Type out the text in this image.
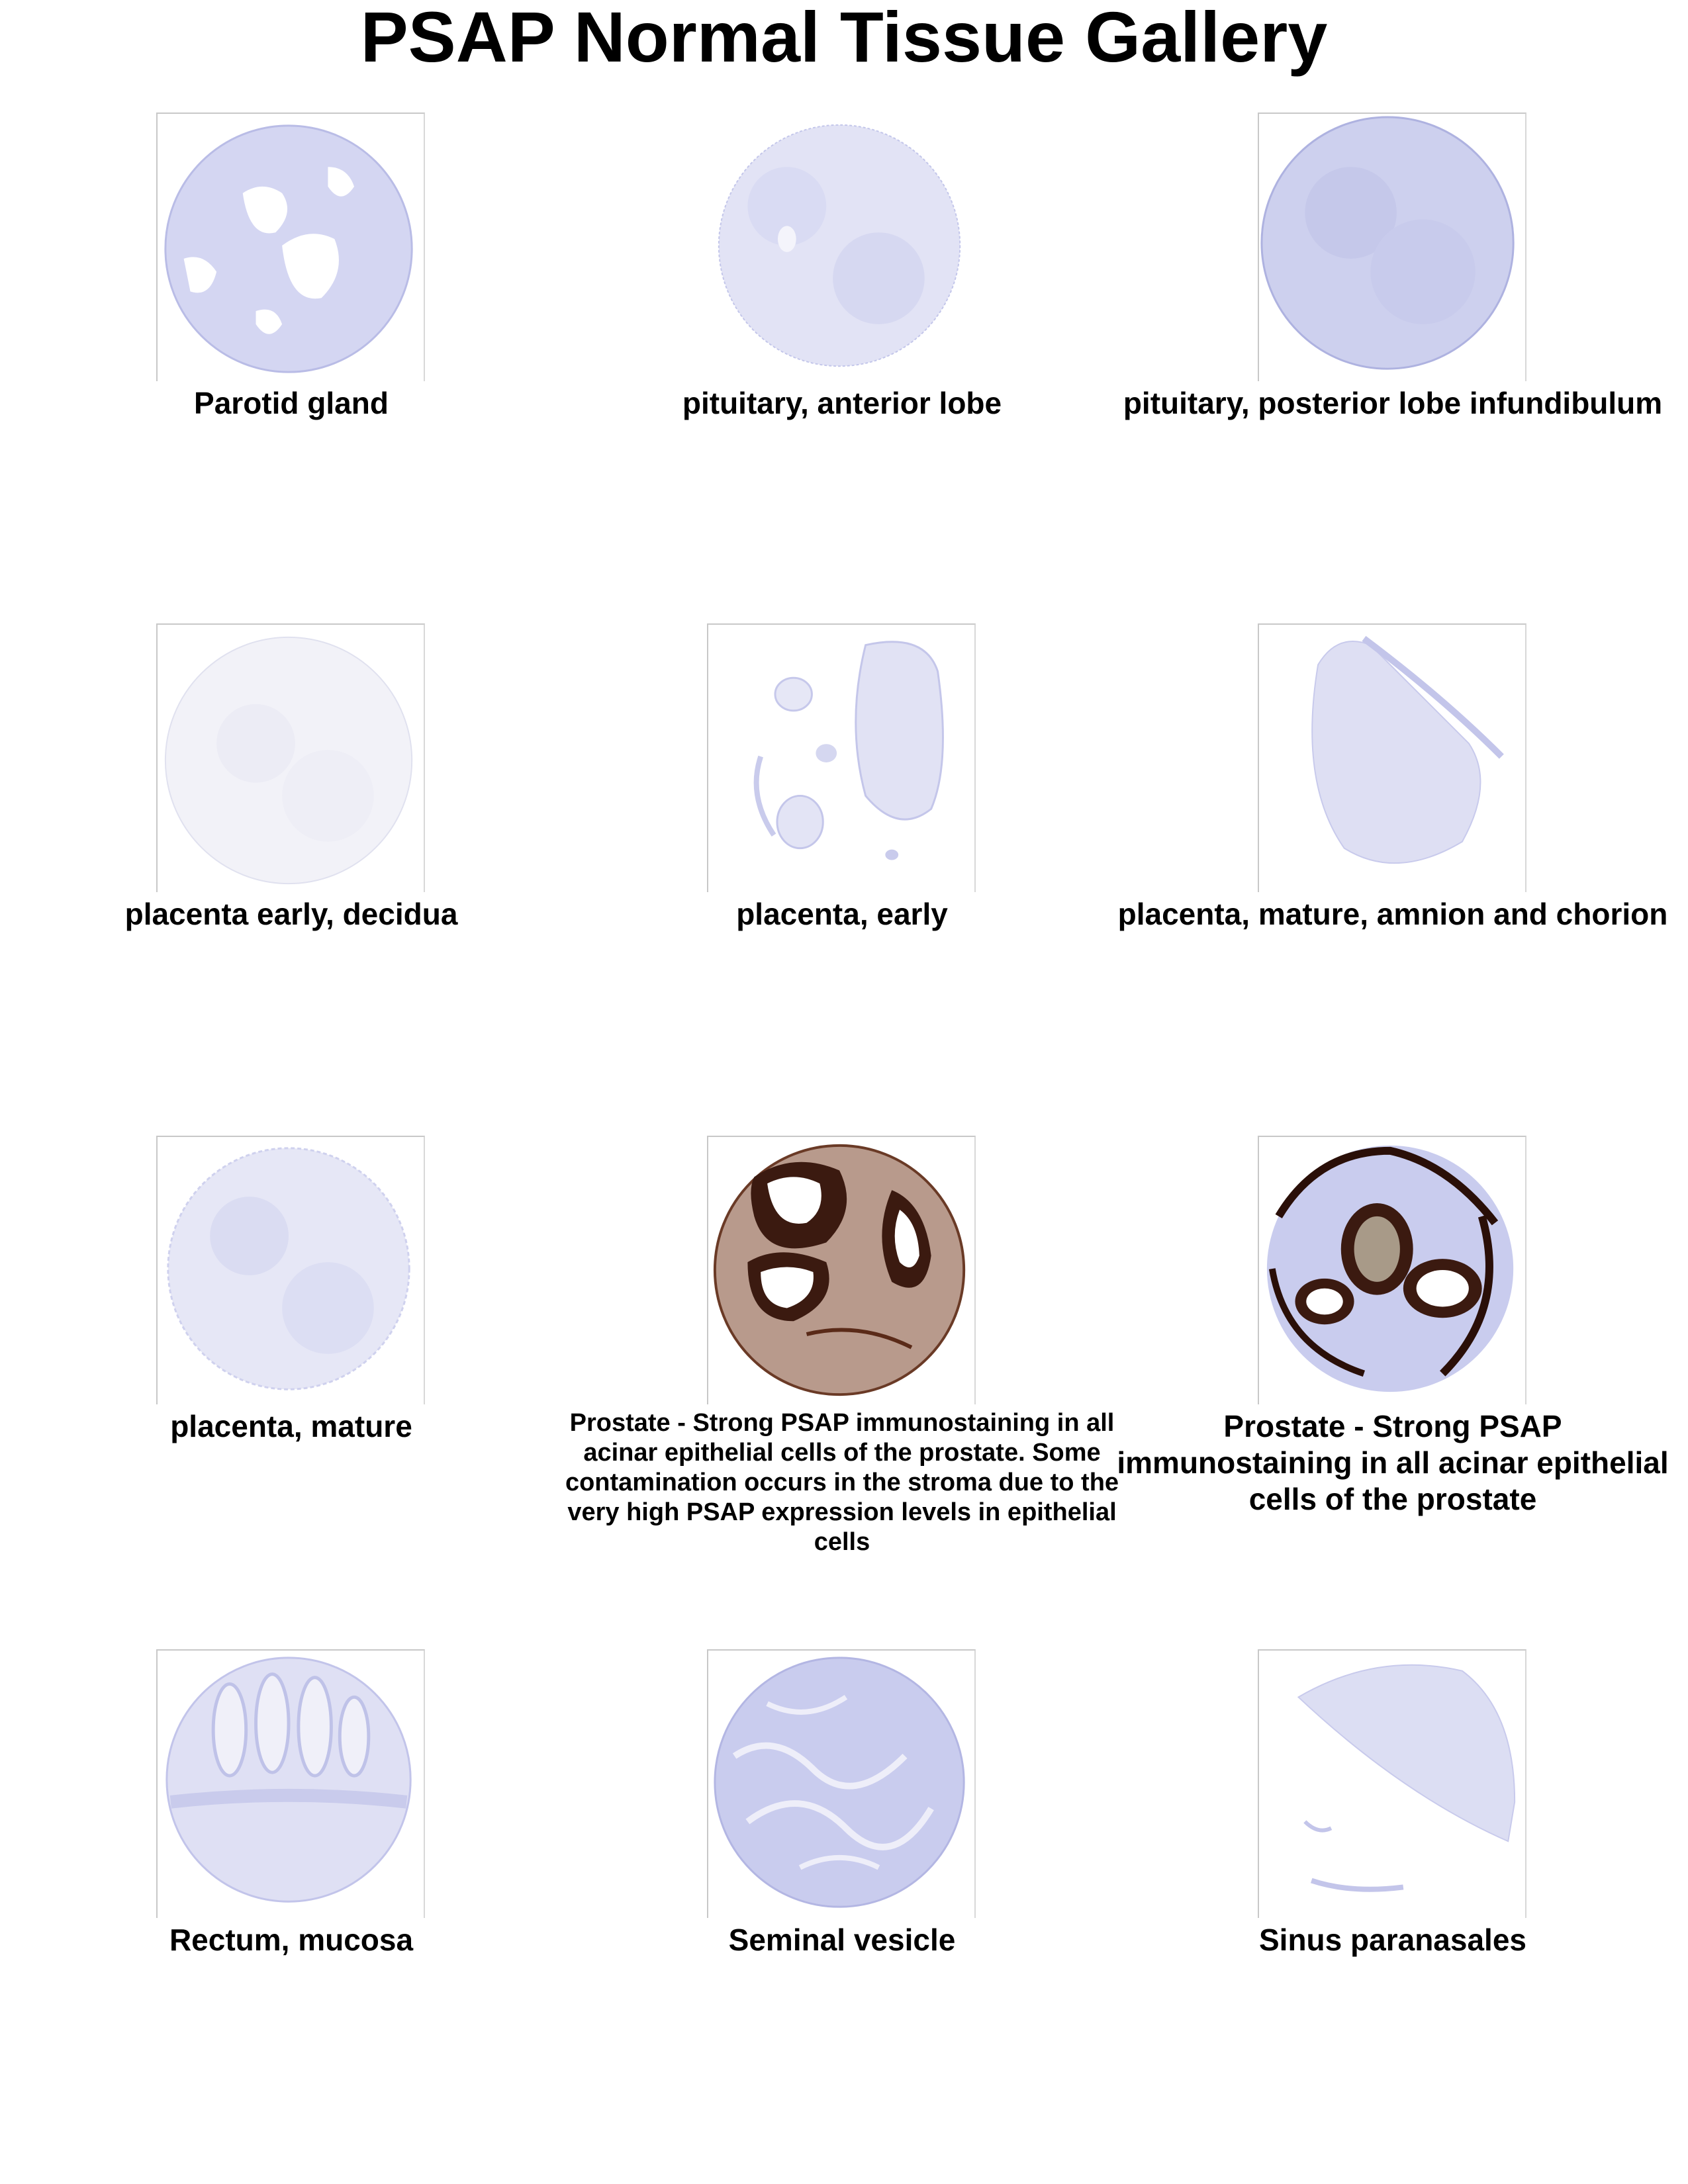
PSAP Normal Tissue Gallery
Parotid gland	pituitary, anterior lobe	pituitary, posterior lobe infundibulum
placenta early, decidua	placenta, early	placenta, mature, amnion and chorion
placenta, mature	Prostate - Strong PSAP immunostaining in all acinar epithelial cells of the prostate. Some contamination occurs in the stroma due to the very high PSAP expression levels in epithelial cells
Prostate - Strong PSAP immunostaining in all acinar epithelial cells of the prostate
Rectum, mucosa	Seminal vesicle	Sinus paranasales
